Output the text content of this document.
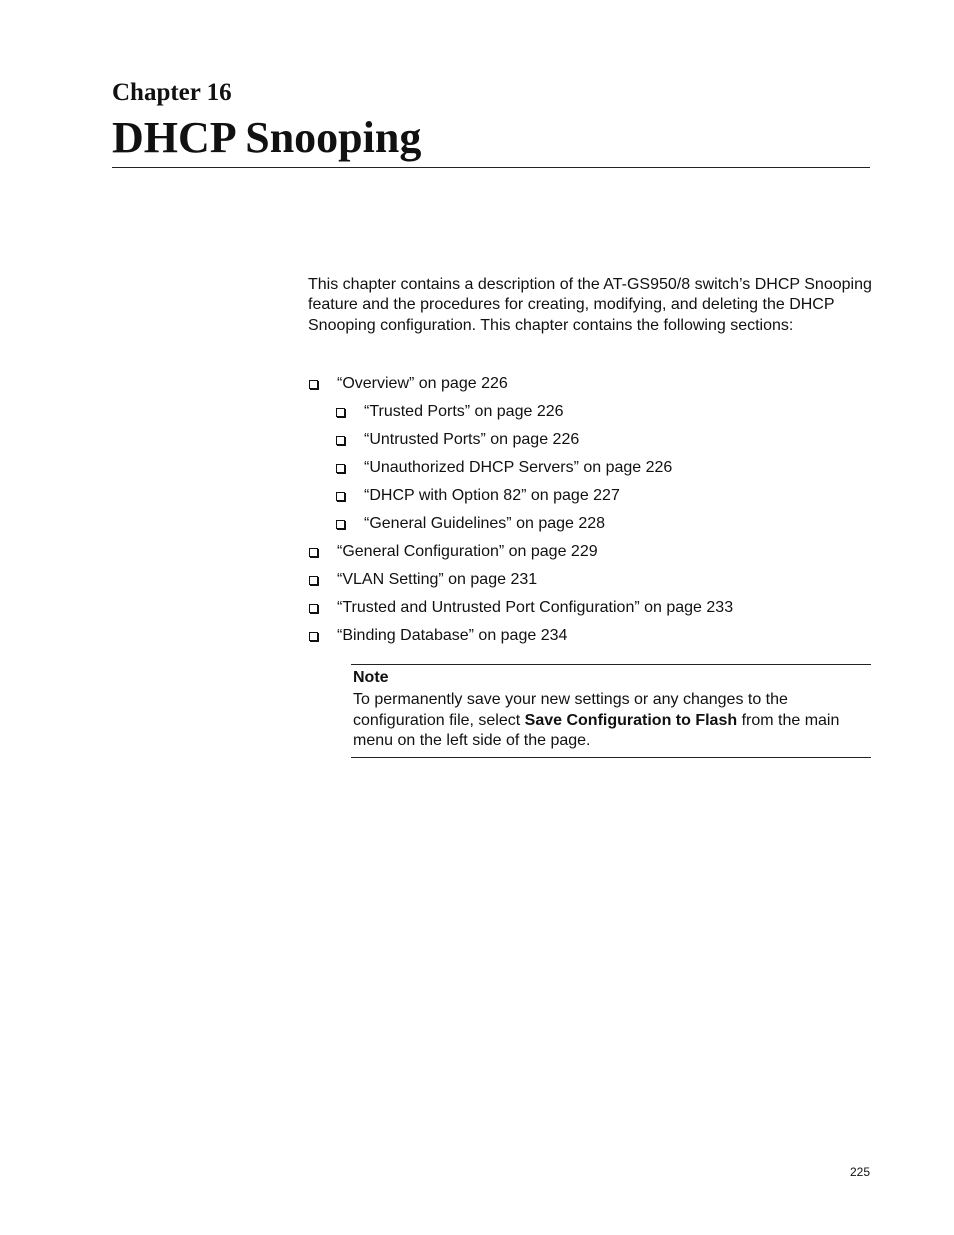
Chapter 16
DHCP Snooping

This chapter contains a description of the AT-GS950/8 switch’s DHCP Snooping feature and the procedures for creating, modifying, and deleting the DHCP Snooping configuration. This chapter contains the following sections:

“Overview” on page 226
“Trusted Ports” on page 226
“Untrusted Ports” on page 226
“Unauthorized DHCP Servers” on page 226
“DHCP with Option 82” on page 227
“General Guidelines” on page 228
“General Configuration” on page 229
“VLAN Setting” on page 231
“Trusted and Untrusted Port Configuration” on page 233
“Binding Database” on page 234

Note

To permanently save your new settings or any changes to the configuration file, select Save Configuration to Flash from the main menu on the left side of the page.

225
